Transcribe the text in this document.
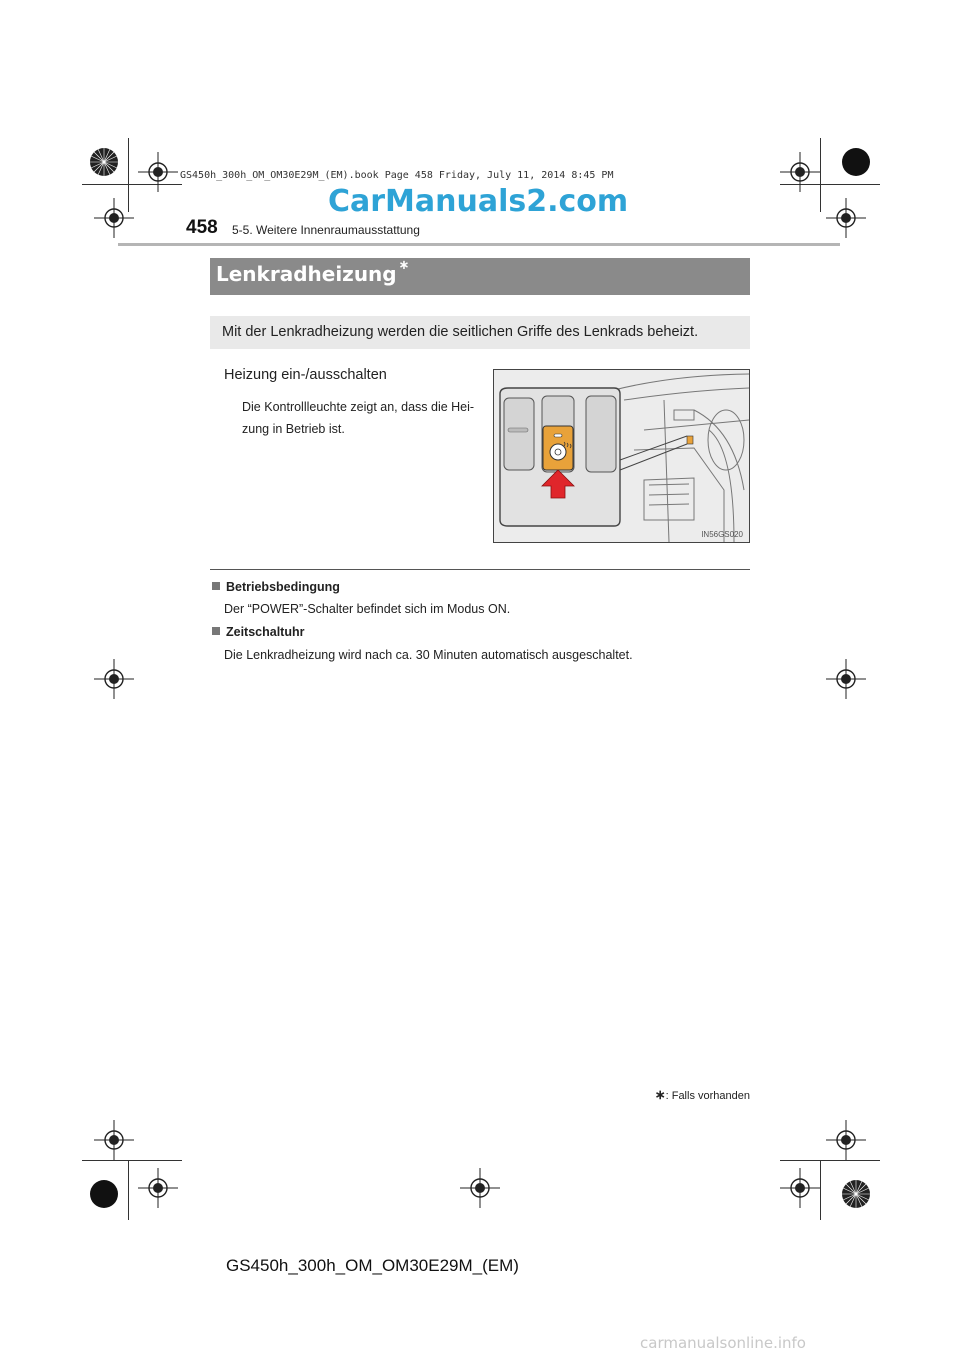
GS450h_300h_OM_OM30E29M_(EM).book Page 458 Friday, July 11, 2014 8:45 PM
CarManuals2.com
458 5-5. Weitere Innenraumausstattung
Lenkradheizung ∗
Mit der Lenkradheizung werden die seitlichen Griffe des Lenkrads beheizt.
Heizung ein-/ausschalten
Die Kontrollleuchte zeigt an, dass die Hei-
zung in Betrieb ist.
IN56GS020
Betriebsbedingung
Der “POWER”-Schalter befindet sich im Modus ON.
Zeitschaltuhr
Die Lenkradheizung wird nach ca. 30 Minuten automatisch ausgeschaltet.
∗: Falls vorhanden
GS450h_300h_OM_OM30E29M_(EM)
carmanualsonline.info
